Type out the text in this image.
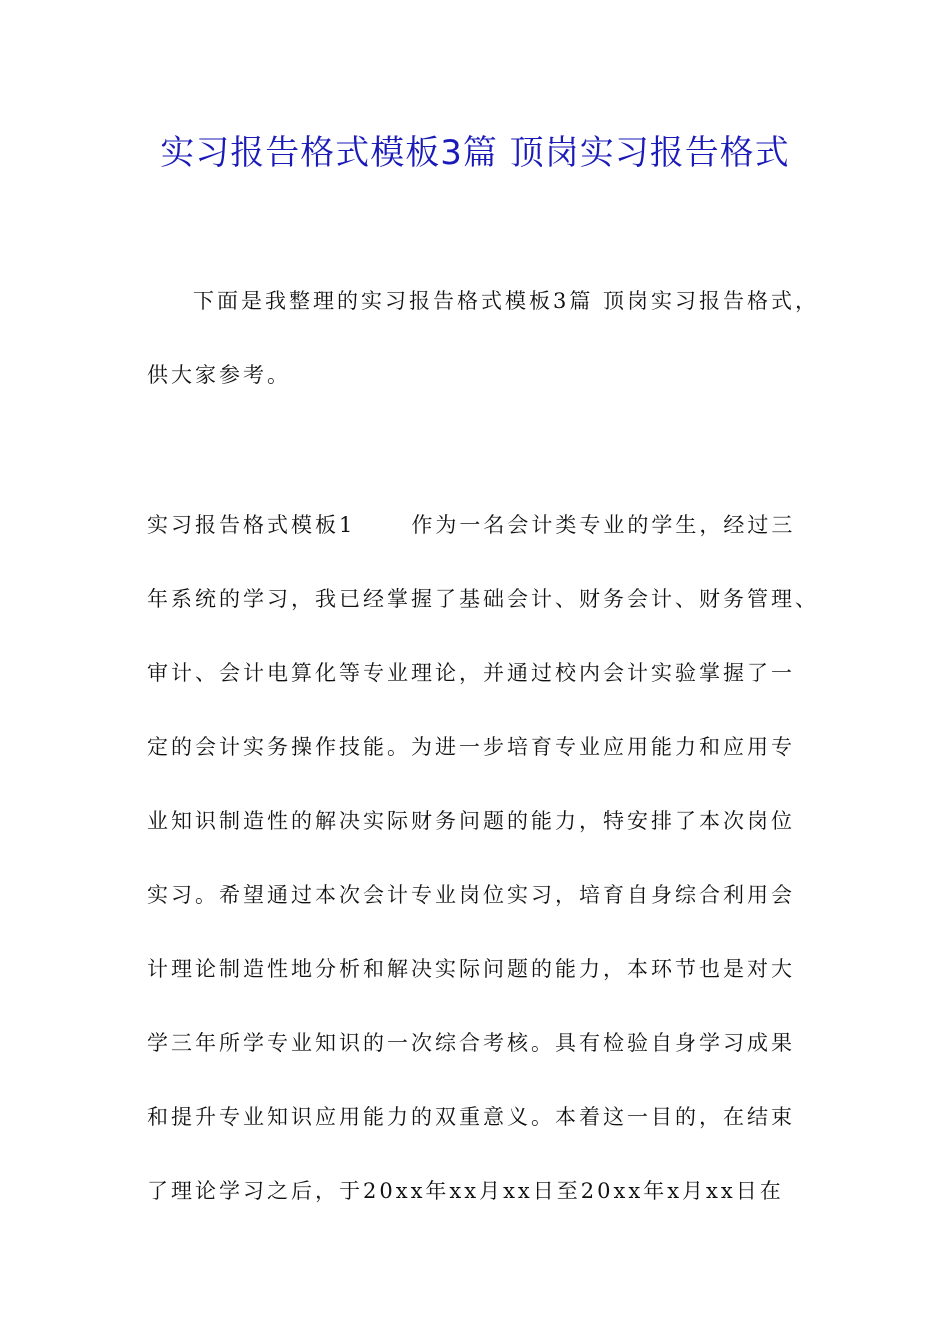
实习报告格式模板3篇 顶岗实习报告格式
下面是我整理的实习报告格式模板3篇 顶岗实习报告格式，
供大家参考。
实习报告格式模板1	作为一名会计类专业的学生，经过三
年系统的学习，我已经掌握了基础会计、财务会计、财务管理、
审计、会计电算化等专业理论，并通过校内会计实验掌握了一
定的会计实务操作技能。为进一步培育专业应用能力和应用专
业知识制造性的解决实际财务问题的能力，特安排了本次岗位
实习。希望通过本次会计专业岗位实习，培育自身综合利用会
计理论制造性地分析和解决实际问题的能力，本环节也是对大
学三年所学专业知识的一次综合考核。具有检验自身学习成果
和提升专业知识应用能力的双重意义。本着这一目的，在结束
了理论学习之后，于20xx年xx月xx日至20xx年x月xx日在
